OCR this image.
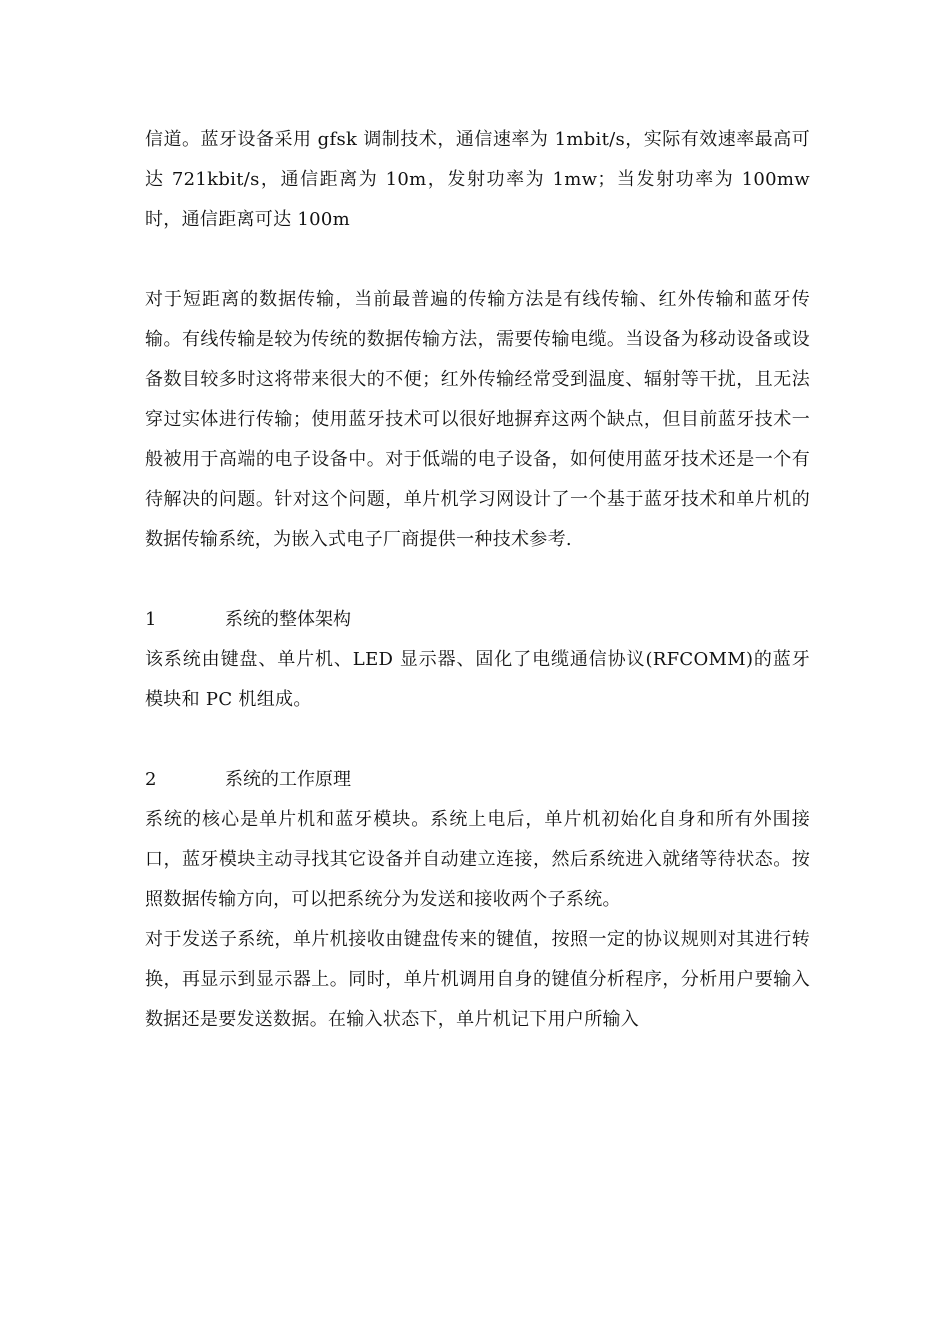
信道。蓝牙设备采用 gfsk 调制技术，通信速率为 1mbit/s，实际有效速率最高可达 721kbit/s，通信距离为 10m，发射功率为 1mw；当发射功率为 100mw时，通信距离可达 100m

对于短距离的数据传输，当前最普遍的传输方法是有线传输、红外传输和蓝牙传输。有线传输是较为传统的数据传输方法，需要传输电缆。当设备为移动设备或设备数目较多时这将带来很大的不便；红外传输经常受到温度、辐射等干扰，且无法穿过实体进行传输；使用蓝牙技术可以很好地摒弃这两个缺点，但目前蓝牙技术一般被用于高端的电子设备中。对于低端的电子设备，如何使用蓝牙技术还是一个有待解决的问题。针对这个问题，单片机学习网设计了一个基于蓝牙技术和单片机的数据传输系统，为嵌入式电子厂商提供一种技术参考.

1	系统的整体架构

该系统由键盘、单片机、LED 显示器、固化了电缆通信协议(RFCOMM)的蓝牙模块和 PC 机组成。

2	系统的工作原理

系统的核心是单片机和蓝牙模块。系统上电后，单片机初始化自身和所有外围接口，蓝牙模块主动寻找其它设备并自动建立连接，然后系统进入就绪等待状态。按照数据传输方向，可以把系统分为发送和接收两个子系统。

对于发送子系统，单片机接收由键盘传来的键值，按照一定的协议规则对其进行转换，再显示到显示器上。同时，单片机调用自身的键值分析程序，分析用户要输入数据还是要发送数据。在输入状态下，单片机记下用户所输入
